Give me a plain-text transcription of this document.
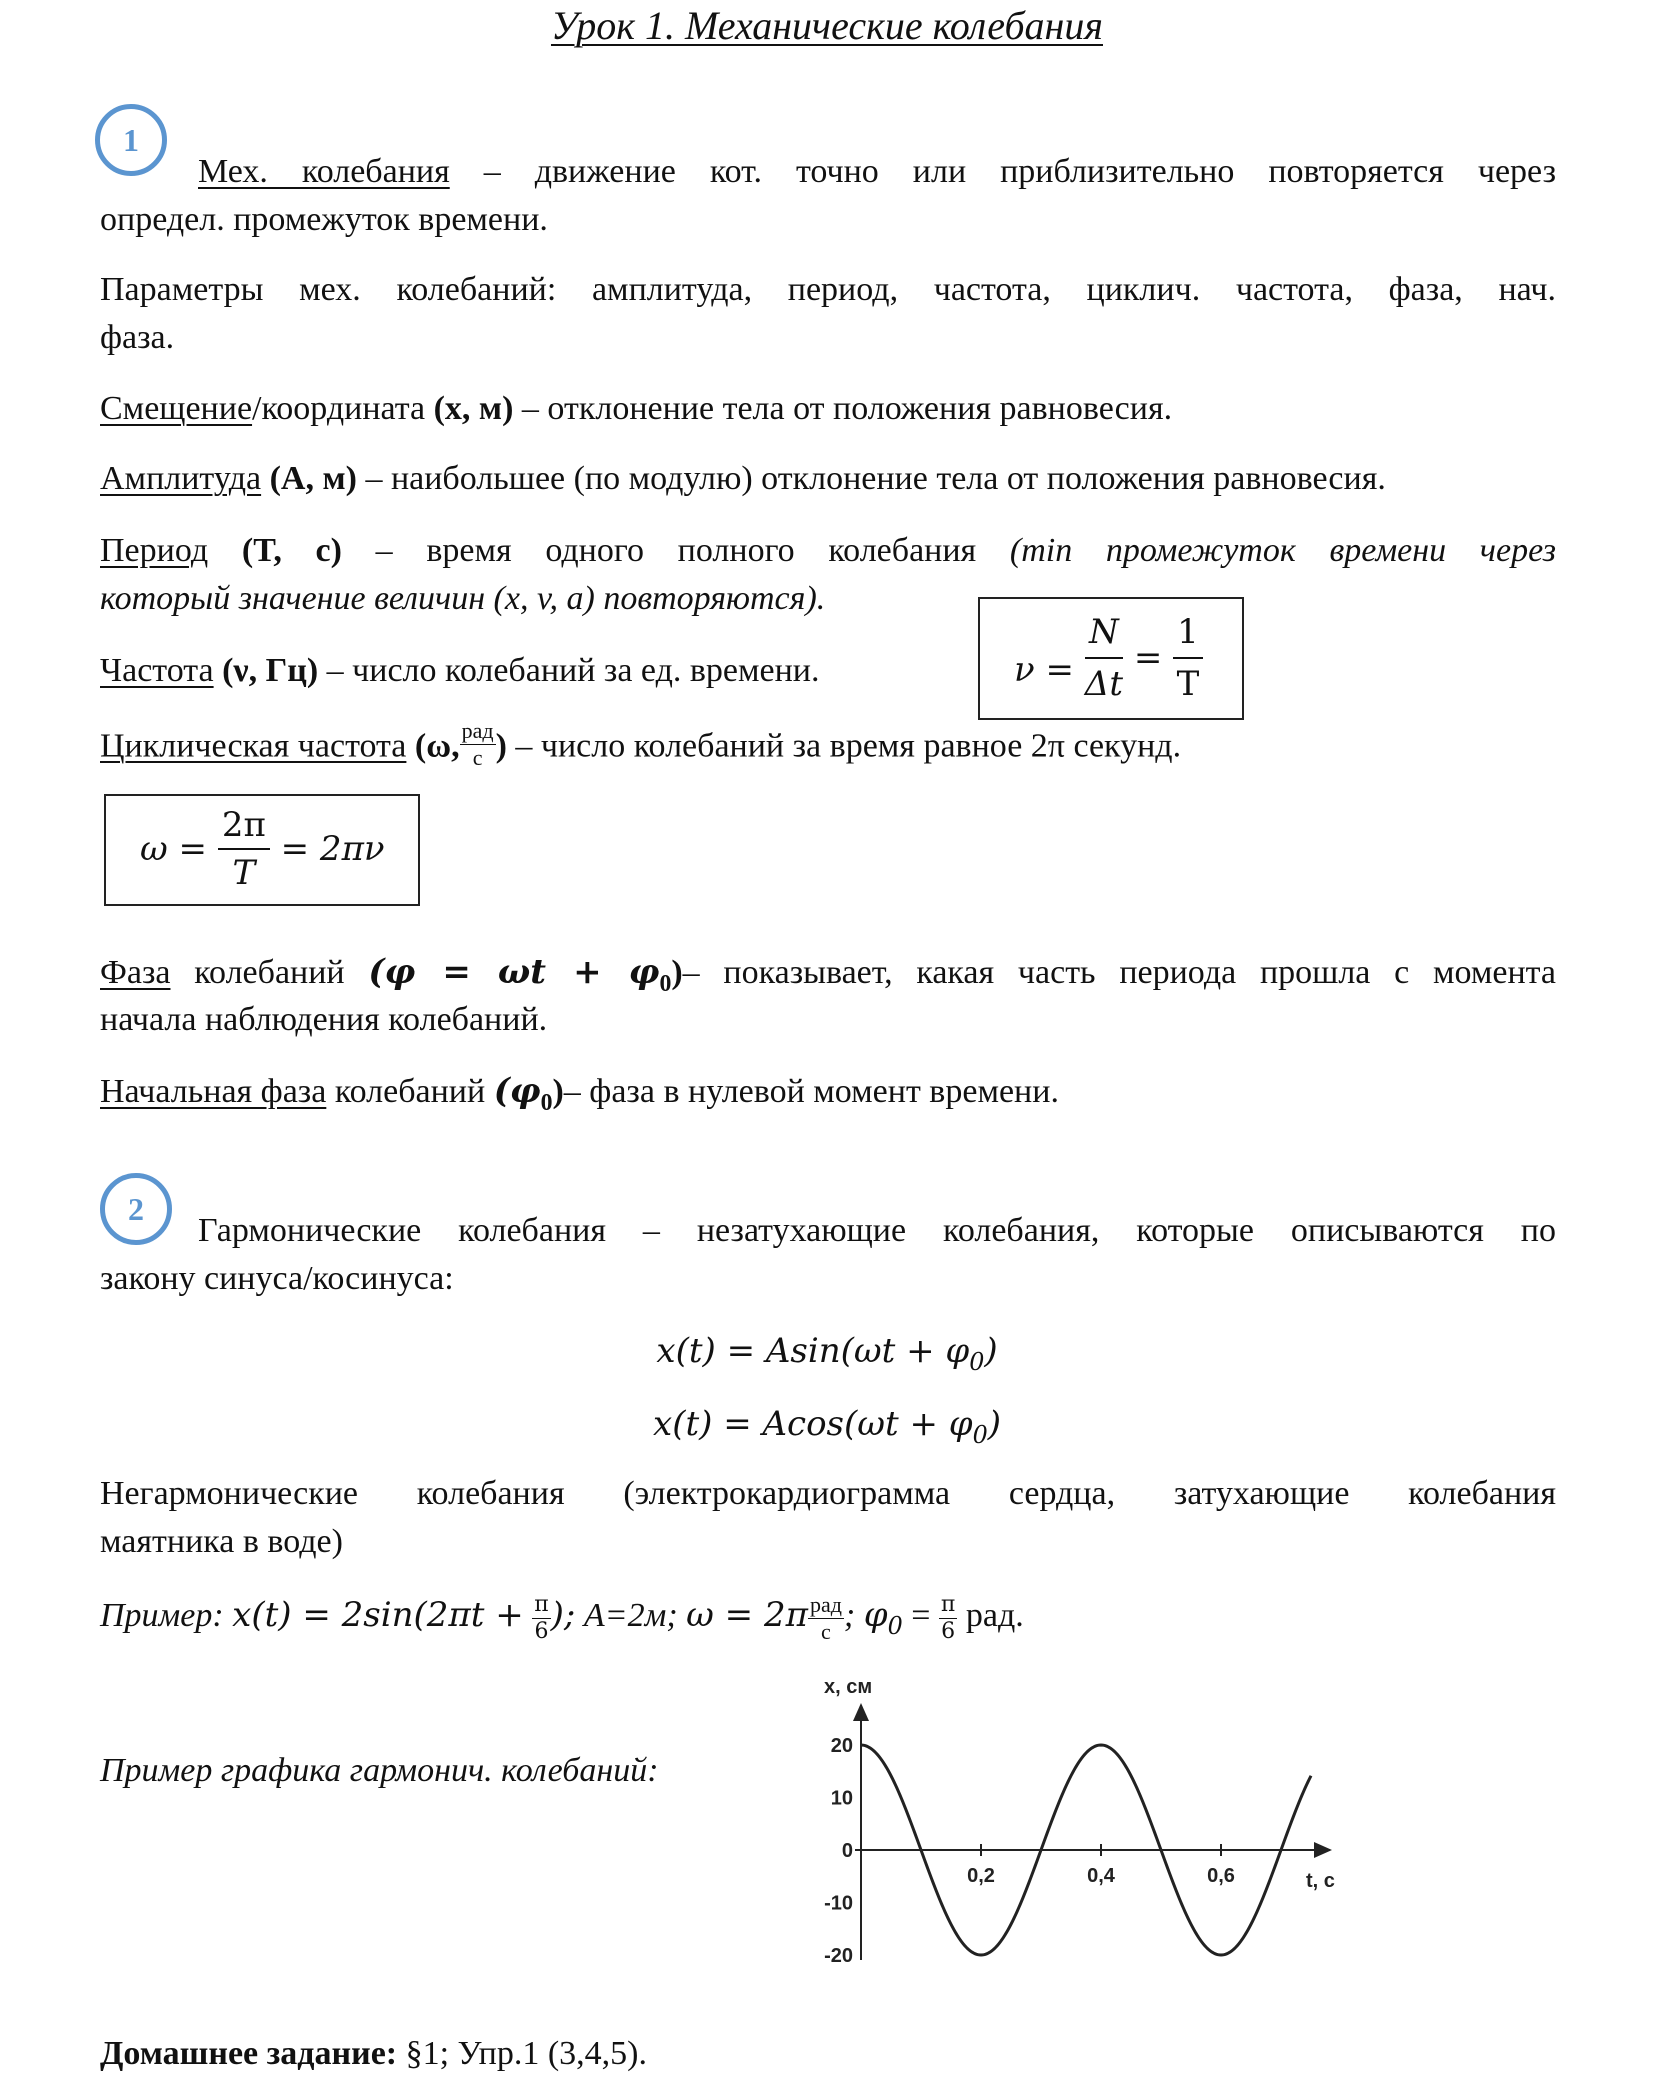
Урок 1. Механические колебания
1
Мех. колебания – движение кот. точно или приблизительно повторяется через
определ. промежуток времени.
Параметры мех. колебаний: амплитуда, период, частота, циклич. частота, фаза, нач.
фаза.
Смещение/координата (x, м) – отклонение тела от положения равновесия.
Амплитуда (A, м) – наибольшее (по модулю) отклонение тела от положения равновесия.
Период (T, c) – время одного полного колебания (min промежуток времени через
который значение величин (x, v, a) повторяются).
Частота (ν, Гц) – число колебаний за ед. времени.	$\nu = \frac{N}{\Delta t} = \frac{1}{T}$
Циклическая частота (ω, рад
с ) – число колебаний за время равное 2π секунд.
$\omega = \frac{2\pi}{T} = 2\pi\nu$
Фаза колебаний $(\varphi = \omega t + \varphi_0)-$ показывает, какая часть периода прошла с момента
начала наблюдения колебаний.
Начальная фаза колебаний $(\varphi_0)-$ фаза в нулевой момент времени.
2
Гармонические колебания – незатухающие колебания, которые описываются по
закону синуса/косинуса:
$x(t) = Asin(\omega t + \varphi_0)$
$x(t) = Acos(\omega t + \varphi_0)$
Негармонические колебания (электрокардиограмма сердца, затухающие колебания
маятника в воде)
Пример: $x(t) = 2\sin(2\pi t + \frac{\pi}{6}$ ); A=2м; ω = 2π рад
с ; $\varphi_0 = \frac{\pi}{6}$ рад.
Пример графика гармонич. колебаний:
x, см
t, c
20
10
0
-10
-20
0,2	0,4	0,6
Домашнее задание: §1; Упр.1 (3,4,5).
